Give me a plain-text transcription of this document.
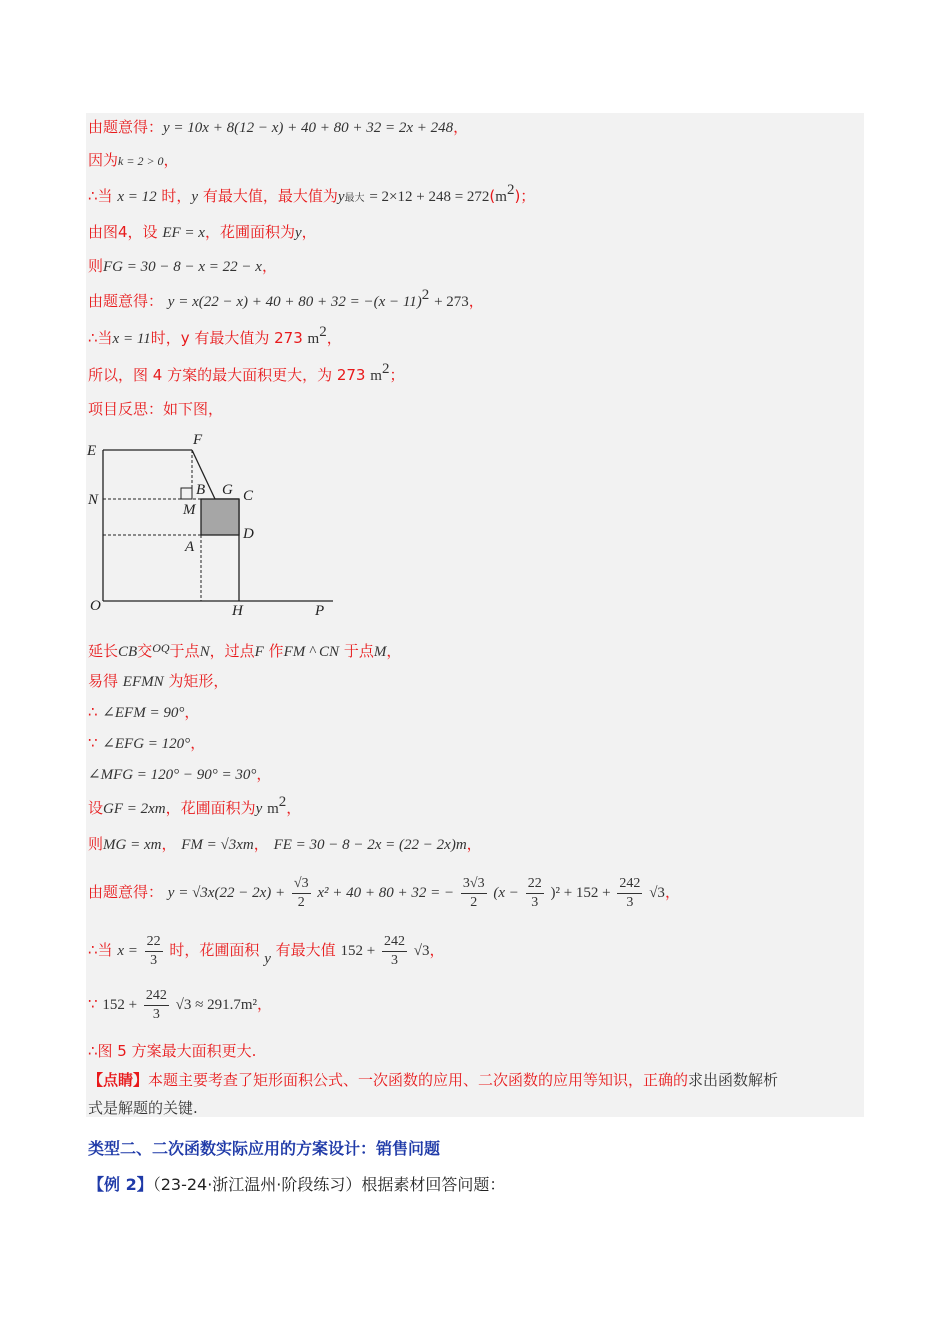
由题意得：y = 10x + 8(12 − x) + 40 + 80 + 32 = 2x + 248，
因为k = 2 > 0，
∴当 x = 12 时，y 有最大值，最大值为y最大 = $2\times 12 + 248 = 272(m^2)$；
由图4，设 EF = x，花圃面积为y，
则FG = 30 − 8 − x = 22 − x，
由题意得： $y = x(22 - x) + 40 + 80 + 32 = -(x - 11)^2 + 273$，
∴当x = 11时，y 有最大值为 273 $m^2$，
所以，图 4 方案的最大面积更大，为 273 $m^2$；
项目反思：如下图，
E
F
N
B G C
M
D
A
O	H	P
延长CB交$^{OQ}$于点N，过点F 作FM ^ CN 于点M，
易得 EFMN 为矩形，
∴ ∠EFM = 90°，
∵ ∠EFG = 120°，
∠MFG = 120° − 90° = 30°，
设GF = 2xm，花圃面积为y $m^2$，
则MG = xm， FM = √3xm， FE = 30 − 8 − 2x = (22 − 2x)m，
由题意得： $y = √3x(22 - 2x) + \frac{√3}{2} x^2 + 40 + 80 + 32$ = − $\frac{3√3}{2} (x - \frac{22}{3} )^2 + 152 + \frac{242}{3} √3$，
∴当 $x = \frac{22}{3}$ 时，花圃面积 y 有最大值 $152 + \frac{242}{3} √3$，
∵ $152 + \frac{242}{3} √3 \approx 291.7m^2$，
∴图 5 方案最大面积更大.
【点睛】本题主要考查了矩形面积公式、一次函数的应用、二次函数的应用等知识，正确的求出函数解析
式是解题的关键.
类型二、二次函数实际应用的方案设计：销售问题
【例 2】（23-24·浙江温州·阶段练习）根据素材回答问题：
